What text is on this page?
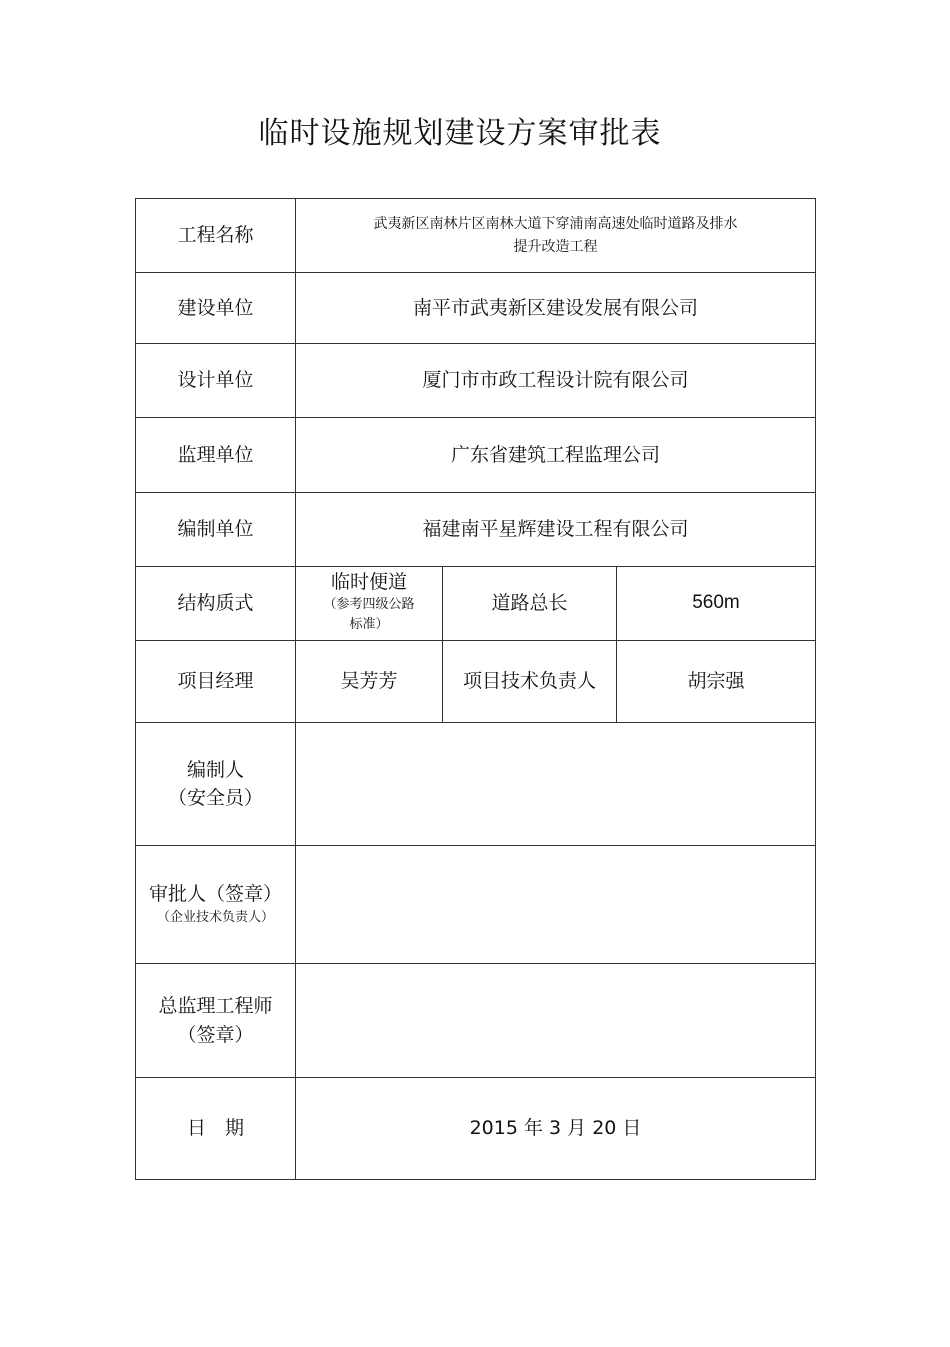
临时设施规划建设方案审批表
工程名称	武夷新区南林片区南林大道下穿浦南高速处临时道路及排水
提升改造工程		

建设单位	南平市武夷新区建设发展有限公司		
设计单位	厦门市市政工程设计院有限公司		
监理单位	广东省建筑工程监理公司		
编制单位	福建南平星辉建设工程有限公司		
结构质式	临时便道
（参考四级公路
标准）	道路总长	560m
项目经理	吴芳芳	项目技术负责人	胡宗强

编制人
（安全员）			

审批人（签章）
（企业技术负责人）			

总监理工程师
（签章）			

日　期	2015 年 3 月 20 日		
